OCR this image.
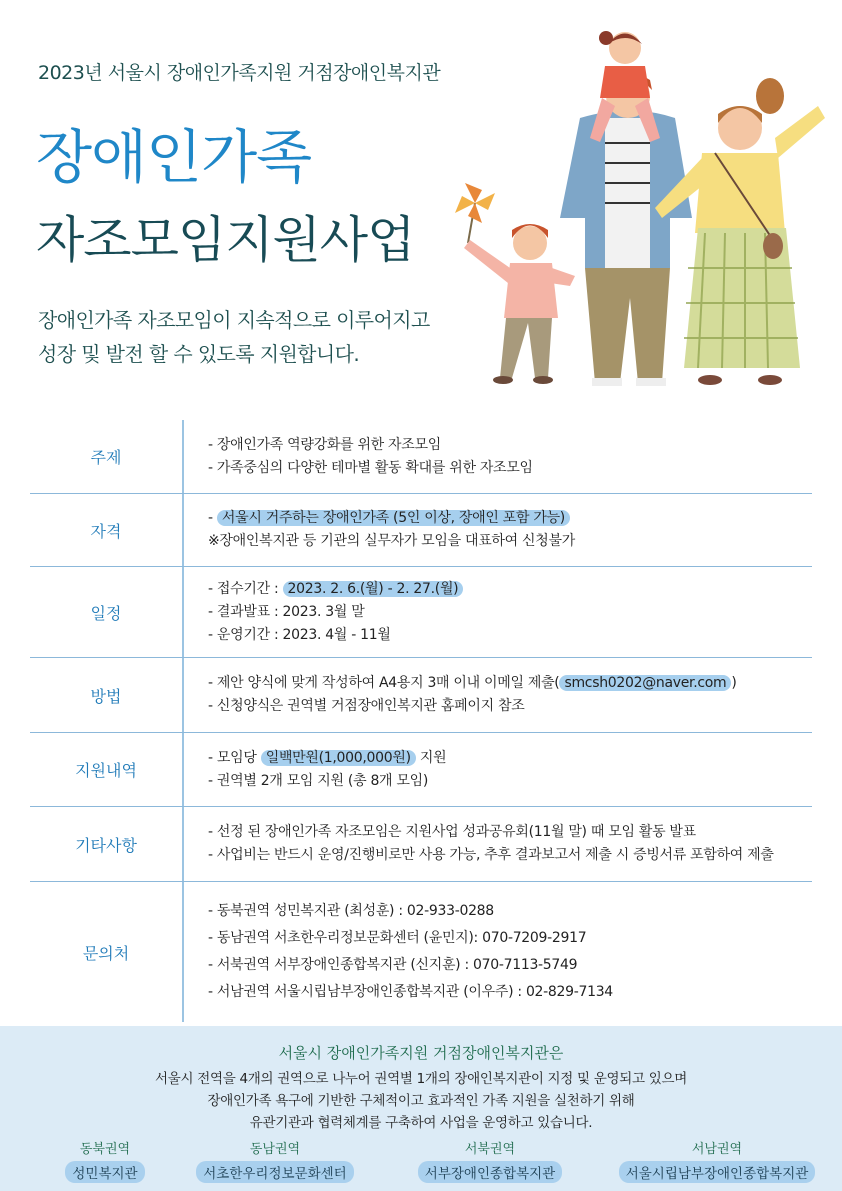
2023년 서울시 장애인가족지원 거점장애인복지관
장애인가족
자조모임지원사업
장애인가족 자조모임이 지속적으로 이루어지고
성장 및 발전 할 수 있도록 지원합니다.
주제
- 장애인가족 역량강화를 위한 자조모임
- 가족중심의 다양한 테마별 활동 확대를 위한 자조모임
자격
- 서울시 거주하는 장애인가족 (5인 이상, 장애인 포함 가능)
※장애인복지관 등 기관의 실무자가 모임을 대표하여 신청불가
일정
- 접수기간 : 2023. 2. 6.(월) - 2. 27.(월)
- 결과발표 : 2023. 3월 말
- 운영기간 : 2023. 4월 - 11월
방법
- 제안 양식에 맞게 작성하여 A4용지 3매 이내 이메일 제출( smcsh0202@naver.com )
- 신청양식은 권역별 거점장애인복지관 홈페이지 참조
지원내역
- 모임당 일백만원(1,000,000원) 지원
- 권역별 2개 모임 지원 (총 8개 모임)
기타사항
- 선정 된 장애인가족 자조모임은 지원사업 성과공유회(11월 말) 때 모임 활동 발표
- 사업비는 반드시 운영/진행비로만 사용 가능, 추후 결과보고서 제출 시 증빙서류 포함하여 제출
문의처
- 동북권역 성민복지관 (최성훈) : 02-933-0288
- 동남권역 서초한우리정보문화센터 (윤민지): 070-7209-2917
- 서북권역 서부장애인종합복지관 (신지훈) : 070-7113-5749
- 서남권역 서울시립남부장애인종합복지관 (이우주) : 02-829-7134
서울시 장애인가족지원 거점장애인복지관은
서울시 전역을 4개의 권역으로 나누어 권역별 1개의 장애인복지관이 지정 및 운영되고 있으며
장애인가족 욕구에 기반한 구체적이고 효과적인 가족 지원을 실천하기 위해
유관기관과 협력체계를 구축하여 사업을 운영하고 있습니다.
동북권역
성민복지관
동남권역
서초한우리정보문화센터
서북권역
서부장애인종합복지관
서남권역
서울시립남부장애인종합복지관
